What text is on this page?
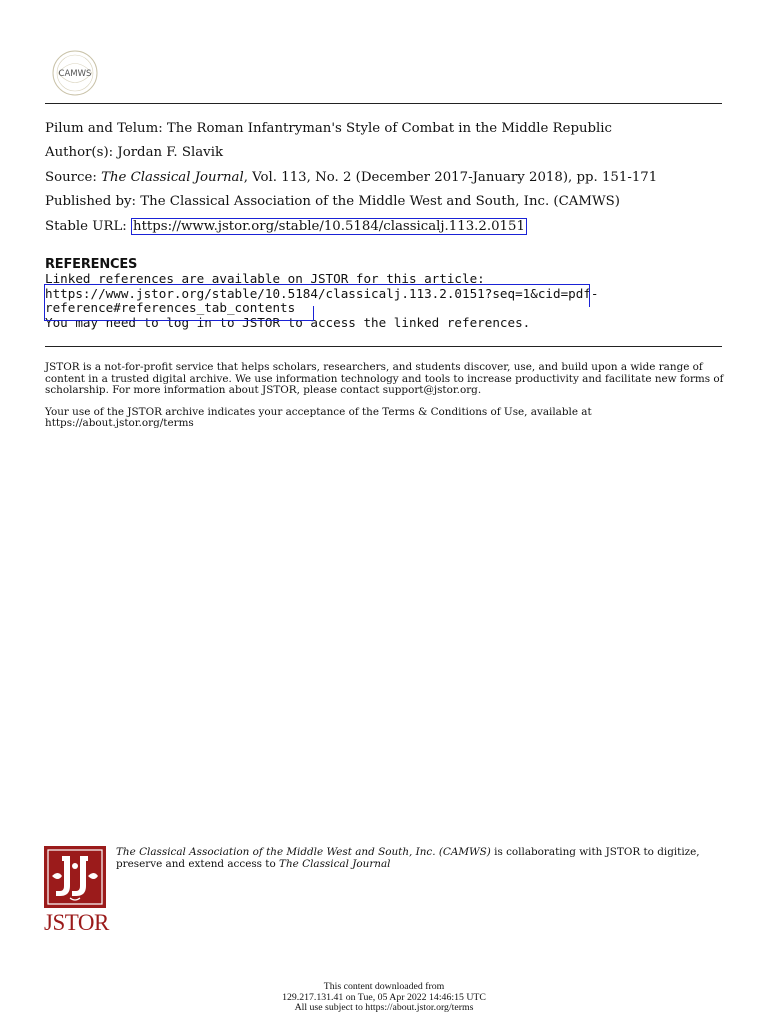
CAMWS
Pilum and Telum: The Roman Infantryman's Style of Combat in the Middle Republic
Author(s): Jordan F. Slavik
Source: The Classical Journal, Vol. 113, No. 2 (December 2017-January 2018), pp. 151-171
Published by: The Classical Association of the Middle West and South, Inc. (CAMWS)
Stable URL: https://www.jstor.org/stable/10.5184/classicalj.113.2.0151
REFERENCES
Linked references are available on JSTOR for this article:
https://www.jstor.org/stable/10.5184/classicalj.113.2.0151?seq=1&cid=pdf-
reference#references_tab_contents
You may need to log in to JSTOR to access the linked references.

JSTOR is a not-for-profit service that helps scholars, researchers, and students discover, use, and build upon a wide range of content in a trusted digital archive. We use information technology and tools to increase productivity and facilitate new forms of scholarship. For more information about JSTOR, please contact support@jstor.org.

Your use of the JSTOR archive indicates your acceptance of the Terms & Conditions of Use, available at https://about.jstor.org/terms

JSTOR
The Classical Association of the Middle West and South, Inc. (CAMWS) is collaborating with JSTOR to digitize, preserve and extend access to The Classical Journal
This content downloaded from
129.217.131.41 on Tue, 05 Apr 2022 14:46:15 UTC
All use subject to https://about.jstor.org/terms
